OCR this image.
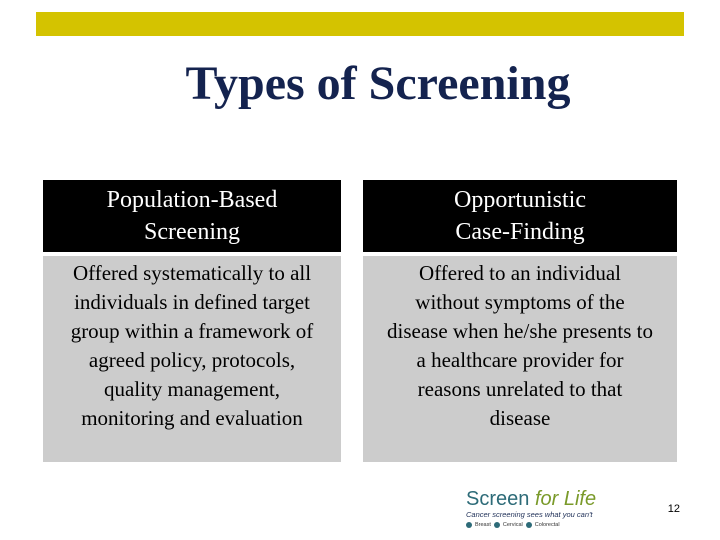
Types of Screening
Population-Based
Screening
Offered systematically to all
individuals in defined target
group within a framework of
agreed policy, protocols,
quality management,
monitoring and evaluation
Opportunistic
Case-Finding
Offered to an individual
without symptoms of the
disease when he/she presents to
a healthcare provider for
reasons unrelated to that
disease
Screen for Life
Cancer screening sees what you can't
Breast Cervical Colorectal
12
